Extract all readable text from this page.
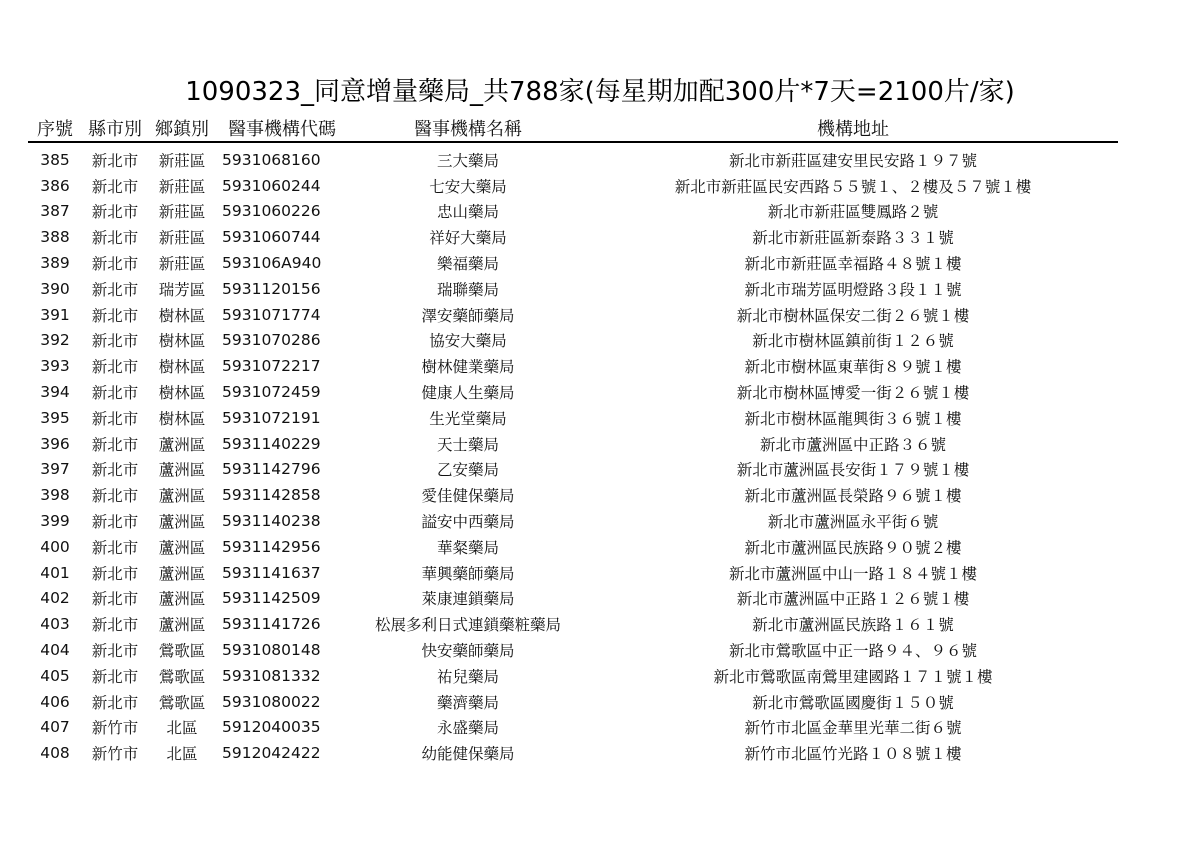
1090323_同意增量藥局_共788家(每星期加配300片*7天=2100片/家)
序號	縣市別	鄉鎮別	醫事機構代碼	醫事機構名稱	機構地址
385	新北市	新莊區	5931068160	三大藥局	新北市新莊區建安里民安路１９７號
386	新北市	新莊區	5931060244	七安大藥局	新北市新莊區民安西路５５號１、２樓及５７號１樓
387	新北市	新莊區	5931060226	忠山藥局	新北市新莊區雙鳳路２號
388	新北市	新莊區	5931060744	祥好大藥局	新北市新莊區新泰路３３１號
389	新北市	新莊區	593106A940	樂福藥局	新北市新莊區幸福路４８號１樓
390	新北市	瑞芳區	5931120156	瑞聯藥局	新北市瑞芳區明燈路３段１１號
391	新北市	樹林區	5931071774	澤安藥師藥局	新北市樹林區保安二街２６號１樓
392	新北市	樹林區	5931070286	協安大藥局	新北市樹林區鎮前街１２６號
393	新北市	樹林區	5931072217	樹林健業藥局	新北市樹林區東華街８９號１樓
394	新北市	樹林區	5931072459	健康人生藥局	新北市樹林區博愛一街２６號１樓
395	新北市	樹林區	5931072191	生光堂藥局	新北市樹林區龍興街３６號１樓
396	新北市	蘆洲區	5931140229	天士藥局	新北市蘆洲區中正路３６號
397	新北市	蘆洲區	5931142796	乙安藥局	新北市蘆洲區長安街１７９號１樓
398	新北市	蘆洲區	5931142858	愛佳健保藥局	新北市蘆洲區長榮路９６號１樓
399	新北市	蘆洲區	5931140238	謚安中西藥局	新北市蘆洲區永平街６號
400	新北市	蘆洲區	5931142956	華粲藥局	新北市蘆洲區民族路９０號２樓
401	新北市	蘆洲區	5931141637	華興藥師藥局	新北市蘆洲區中山一路１８４號１樓
402	新北市	蘆洲區	5931142509	萊康連鎖藥局	新北市蘆洲區中正路１２６號１樓
403	新北市	蘆洲區	5931141726	松展多利日式連鎖藥粧藥局	新北市蘆洲區民族路１６１號
404	新北市	鶯歌區	5931080148	快安藥師藥局	新北市鶯歌區中正一路９４、９６號
405	新北市	鶯歌區	5931081332	祐兒藥局	新北市鶯歌區南鶯里建國路１７１號１樓
406	新北市	鶯歌區	5931080022	藥濟藥局	新北市鶯歌區國慶街１５０號
407	新竹市	北區	5912040035	永盛藥局	新竹市北區金華里光華二街６號
408	新竹市	北區	5912042422	幼能健保藥局	新竹市北區竹光路１０８號１樓
